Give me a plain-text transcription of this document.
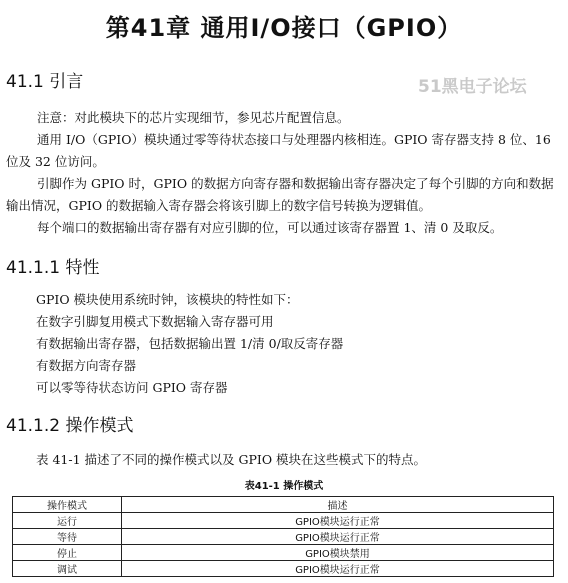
第41章 通用I/O接口（GPIO）
41.1 引言	51黑电子论坛

注意：对此模块下的芯片实现细节，参见芯片配置信息。

通用 I/O（GPIO）模块通过零等待状态接口与处理器内核相连。GPIO 寄存器支持 8 位、16 位及 32 位访问。

引脚作为 GPIO 时，GPIO 的数据方向寄存器和数据输出寄存器决定了每个引脚的方向和数据输出情况，GPIO 的数据输入寄存器会将该引脚上的数字信号转换为逻辑值。

每个端口的数据输出寄存器有对应引脚的位，可以通过该寄存器置 1、清 0 及取反。

41.1.1 特性

GPIO 模块使用系统时钟，该模块的特性如下：

在数字引脚复用模式下数据输入寄存器可用

有数据输出寄存器，包括数据输出置 1/清 0/取反寄存器

有数据方向寄存器

可以零等待状态访问 GPIO 寄存器

41.1.2 操作模式

表 41-1 描述了不同的操作模式以及 GPIO 模块在这些模式下的特点。

表41-1 操作模式
操作模式	描述
运行	GPIO模块运行正常
等待	GPIO模块运行正常
停止	GPIO模块禁用
调试	GPIO模块运行正常
